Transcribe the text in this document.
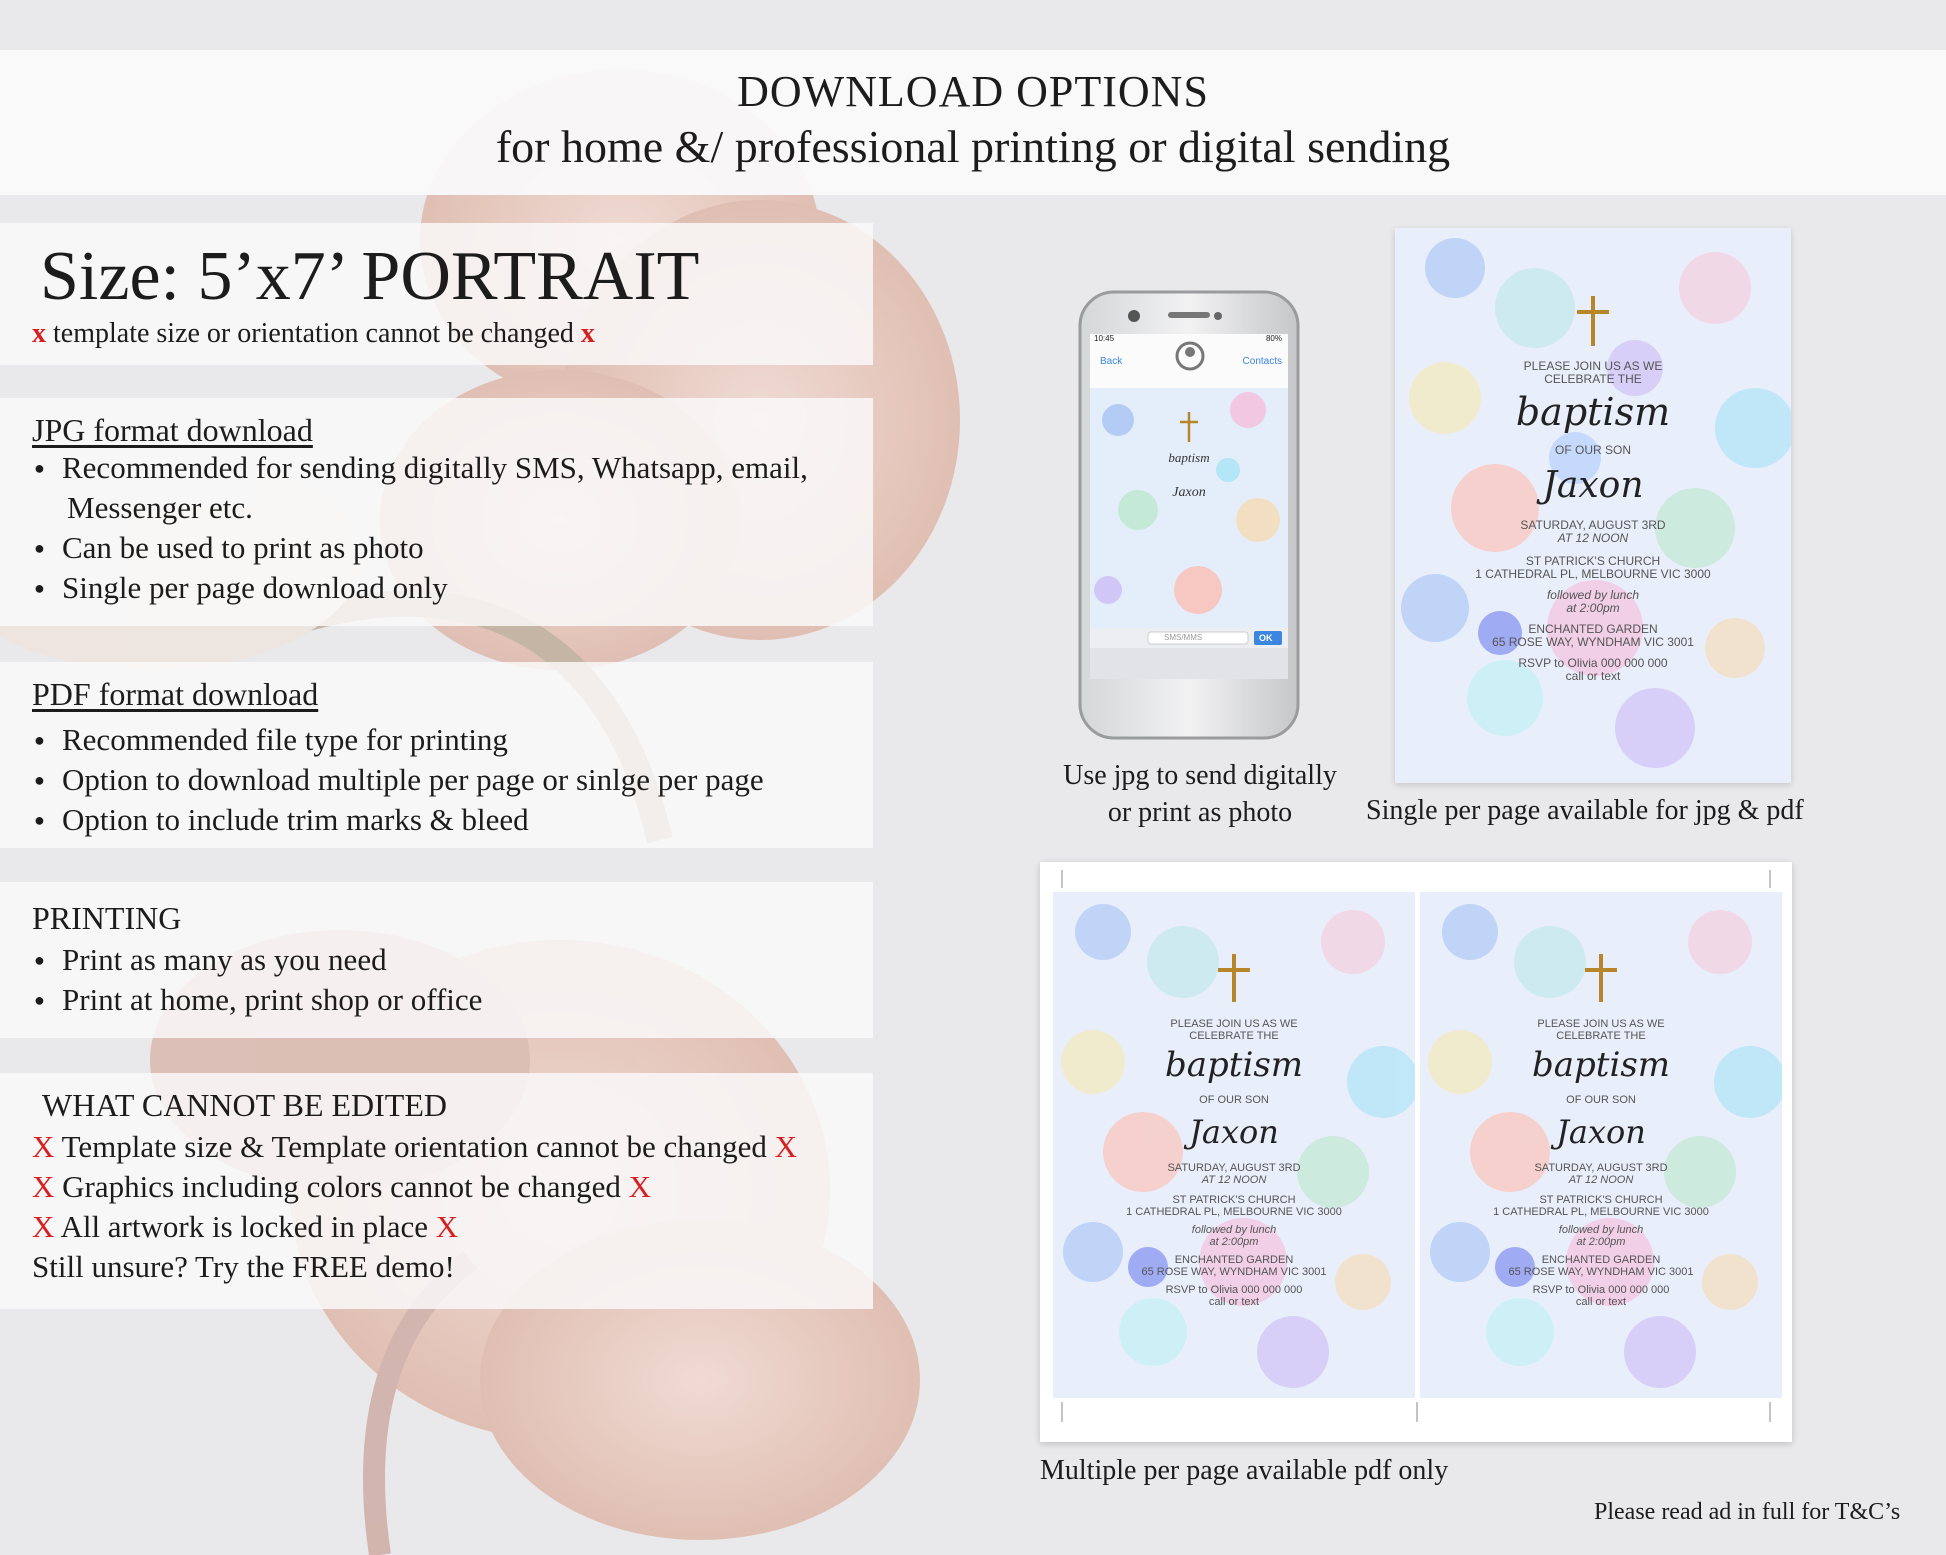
DOWNLOAD OPTIONS
for home &/ professional printing or digital sending
Size: 5’x7’ PORTRAIT
x template size or orientation cannot be changed x
JPG format download
● Recommended for sending digitally SMS, Whatsapp, email,
Messenger etc.
● Can be used to print as photo
● Single per page download only
PDF format download
● Recommended file type for printing
● Option to download multiple per page or sinlge per page
● Option to include trim marks & bleed
PRINTING
● Print as many as you need
● Print at home, print shop or office
WHAT CANNOT BE EDITED
X Template size & Template orientation cannot be changed X
X Graphics including colors cannot be changed X
X All artwork is locked in place X
Still unsure? Try the FREE demo!
baptism
Jaxon
10:45	80%
Back	Contacts
SMS/MMS	OK
Use jpg to send digitally
or print as photo
PLEASE JOIN US AS WE
CELEBRATE THE
baptism
OF OUR SON
Jaxon
SATURDAY, AUGUST 3RD
AT 12 NOON
ST PATRICK'S CHURCH
1 CATHEDRAL PL, MELBOURNE VIC 3000
followed by lunch
at 2:00pm
ENCHANTED GARDEN
65 ROSE WAY, WYNDHAM VIC 3001
RSVP to Olivia 000 000 000
call or text
Single per page available for jpg & pdf
PLEASE JOIN US AS WE
CELEBRATE THE
baptism
OF OUR SON
Jaxon
SATURDAY, AUGUST 3RD
AT 12 NOON
ST PATRICK'S CHURCH
1 CATHEDRAL PL, MELBOURNE VIC 3000
followed by lunch
at 2:00pm
ENCHANTED GARDEN
65 ROSE WAY, WYNDHAM VIC 3001
RSVP to Olivia 000 000 000
call or text
PLEASE JOIN US AS WE
CELEBRATE THE
baptism
OF OUR SON
Jaxon
SATURDAY, AUGUST 3RD
AT 12 NOON
ST PATRICK'S CHURCH
1 CATHEDRAL PL, MELBOURNE VIC 3000
followed by lunch
at 2:00pm
ENCHANTED GARDEN
65 ROSE WAY, WYNDHAM VIC 3001
RSVP to Olivia 000 000 000
call or text
Multiple per page available pdf only
Please read ad in full for T&C’s
